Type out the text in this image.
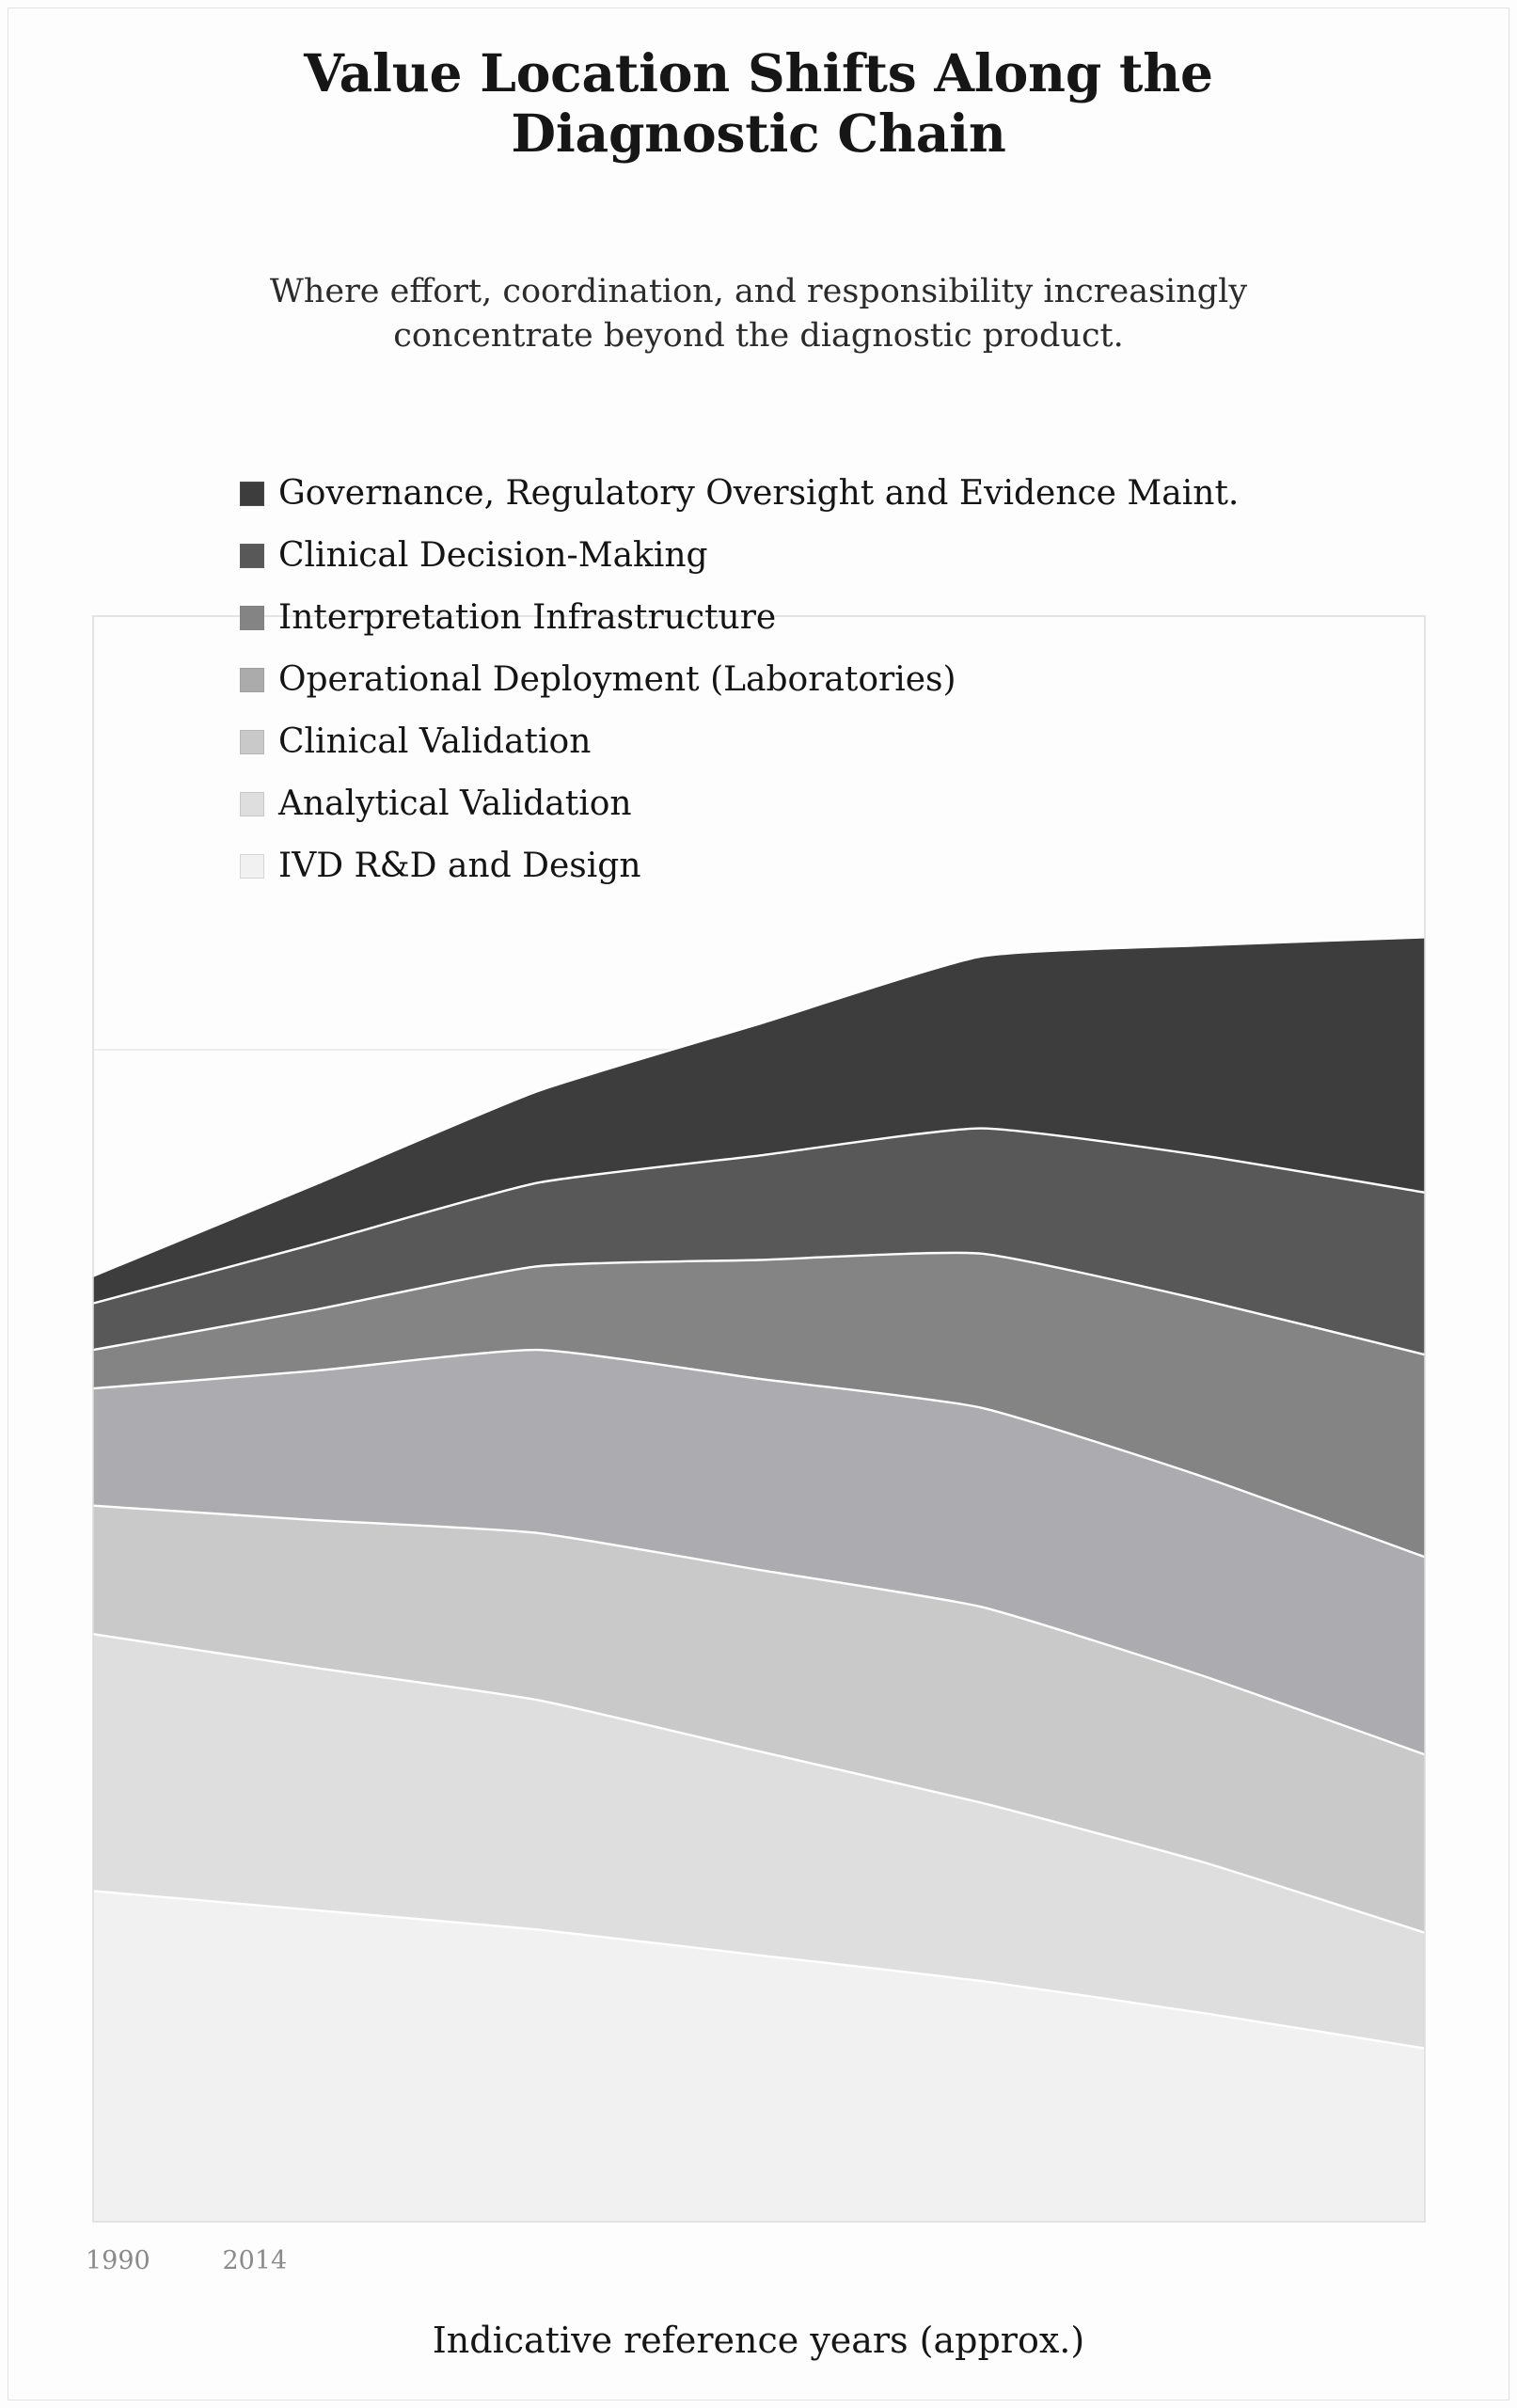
Value Location Shifts Along the
Diagnostic Chain
Where effort, coordination, and responsibility increasingly
concentrate beyond the diagnostic product.
Governance, Regulatory Oversight and Evidence Maint.
Clinical Decision-Making
Interpretation Infrastructure
Operational Deployment (Laboratories)
Clinical Validation
Analytical Validation
IVD R&D and Design
1990	2014
Indicative reference years (approx.)
